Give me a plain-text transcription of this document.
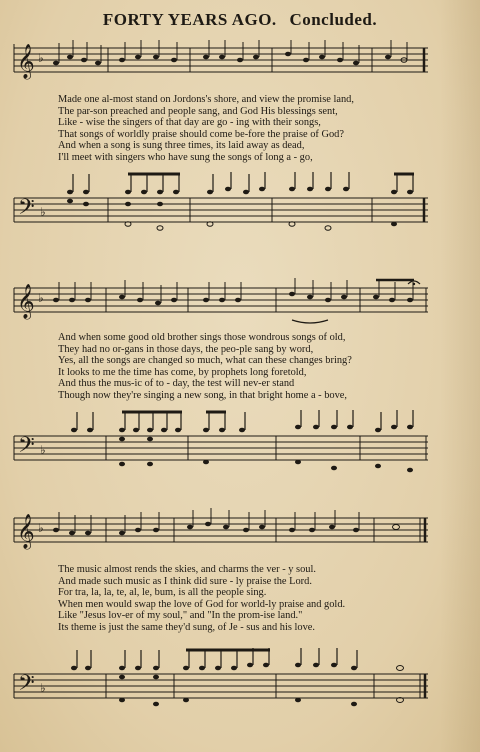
FORTY YEARS AGO. Concluded.
𝄞 ♭
𝄢 ♭
Made one al-most stand on Jordons's shore, and view the promise land,
The par-son preached and people sang, and God His blessings sent,
Like - wise the singers of that day are go - ing with their songs,
That songs of worldly praise should come be-fore the praise of God?
And when a song is sung three times, its laid away as dead,
I'll meet with singers who have sung the songs of long a - go,
𝄞 ♭
𝄢 ♭
And when some good old brother sings those wondrous songs of old,
They had no or-gans in those days, the peo-ple sang by word,
Yes, all the songs are changed so much, what can these changes bring?
It looks to me the time has come, by prophets long foretold,
And thus the mus-ic of to - day, the test will nev-er stand
Though now they're singing a new song, in that bright home a - bove,
𝄞 ♭
𝄢 ♭
The music almost rends the skies, and charms the ver - y soul.
And made such music as I think did sure - ly praise the Lord.
For tra, la, la, te, al, le, bum, is all the people sing.
When men would swap the love of God for world-ly praise and gold.
Like "Jesus lov-er of my soul," and "In the prom-ise land."
Its theme is just the same they'd sung, of Je - sus and his love.
